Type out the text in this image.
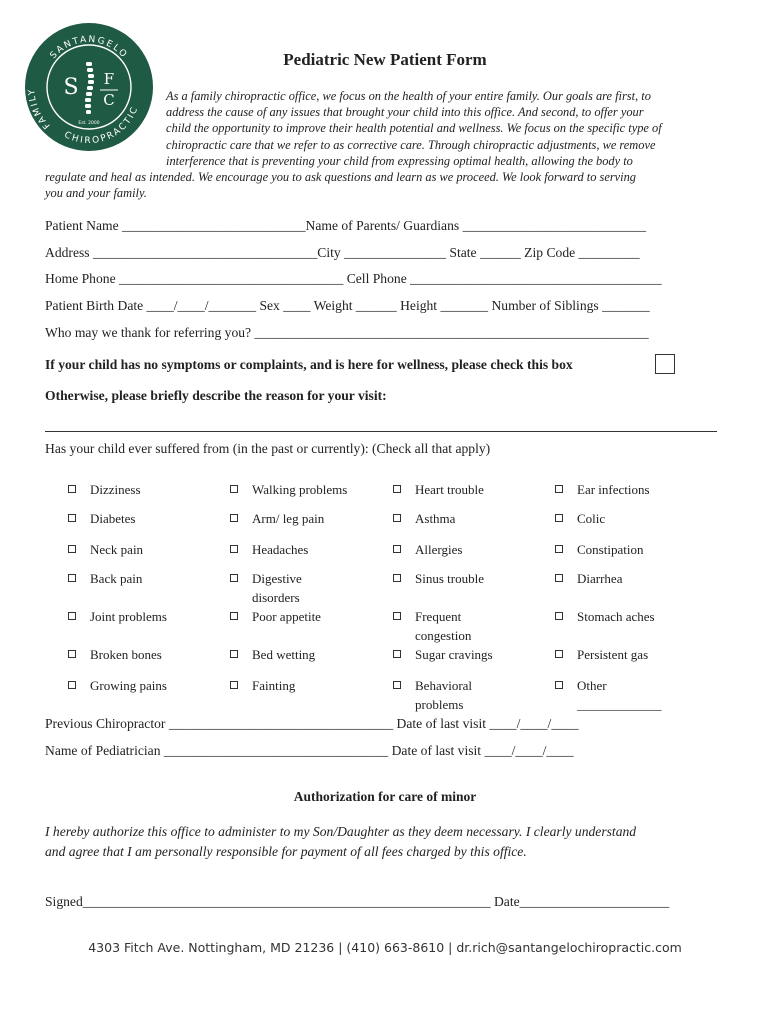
SANTANGELO
CHIROPRACTIC
FAMILY	S F
C
Est. 2000
Pediatric New Patient Form
As a family chiropractic office, we focus on the health of your entire family. Our goals are first, to
address the cause of any issues that brought your child into this office. And second, to offer your
child the opportunity to improve their health potential and wellness. We focus on the specific type of
chiropractic care that we refer to as corrective care. Through chiropractic adjustments, we remove
interference that is preventing your child from expressing optimal health, allowing the body to
regulate and heal as intended. We encourage you to ask questions and learn as we proceed. We look forward to serving
you and your family.
Patient Name ___________________________Name of Parents/ Guardians ___________________________
Address _________________________________City _______________ State ______ Zip Code _________
Home Phone _________________________________ Cell Phone _____________________________________
Patient Birth Date ____/____/_______ Sex ____ Weight ______ Height _______ Number of Siblings _______
Who may we thank for referring you? __________________________________________________________
If your child has no symptoms or complaints, and is here for wellness, please check this box
Otherwise, please briefly describe the reason for your visit:
Has your child ever suffered from (in the past or currently): (Check all that apply)
Dizziness
Diabetes
Neck pain
Back pain
Joint problems
Broken bones
Growing pains
Walking problems
Arm/ leg pain
Headaches
Digestive disorders
Poor appetite
Bed wetting
Fainting
Heart trouble
Asthma
Allergies
Sinus trouble
Frequent congestion
Sugar cravings
Behavioral problems
Ear infections
Colic
Constipation
Diarrhea
Stomach aches
Persistent gas
Other _____________
Previous Chiropractor _________________________________ Date of last visit ____/____/____
Name of Pediatrician _________________________________ Date of last visit ____/____/____
Authorization for care of minor
I hereby authorize this office to administer to my Son/Daughter as they deem necessary. I clearly understand
and agree that I am personally responsible for payment of all fees charged by this office.
Signed____________________________________________________________ Date______________________
4303 Fitch Ave. Nottingham, MD 21236 | (410) 663-8610 | dr.rich@santangelochiropractic.com
